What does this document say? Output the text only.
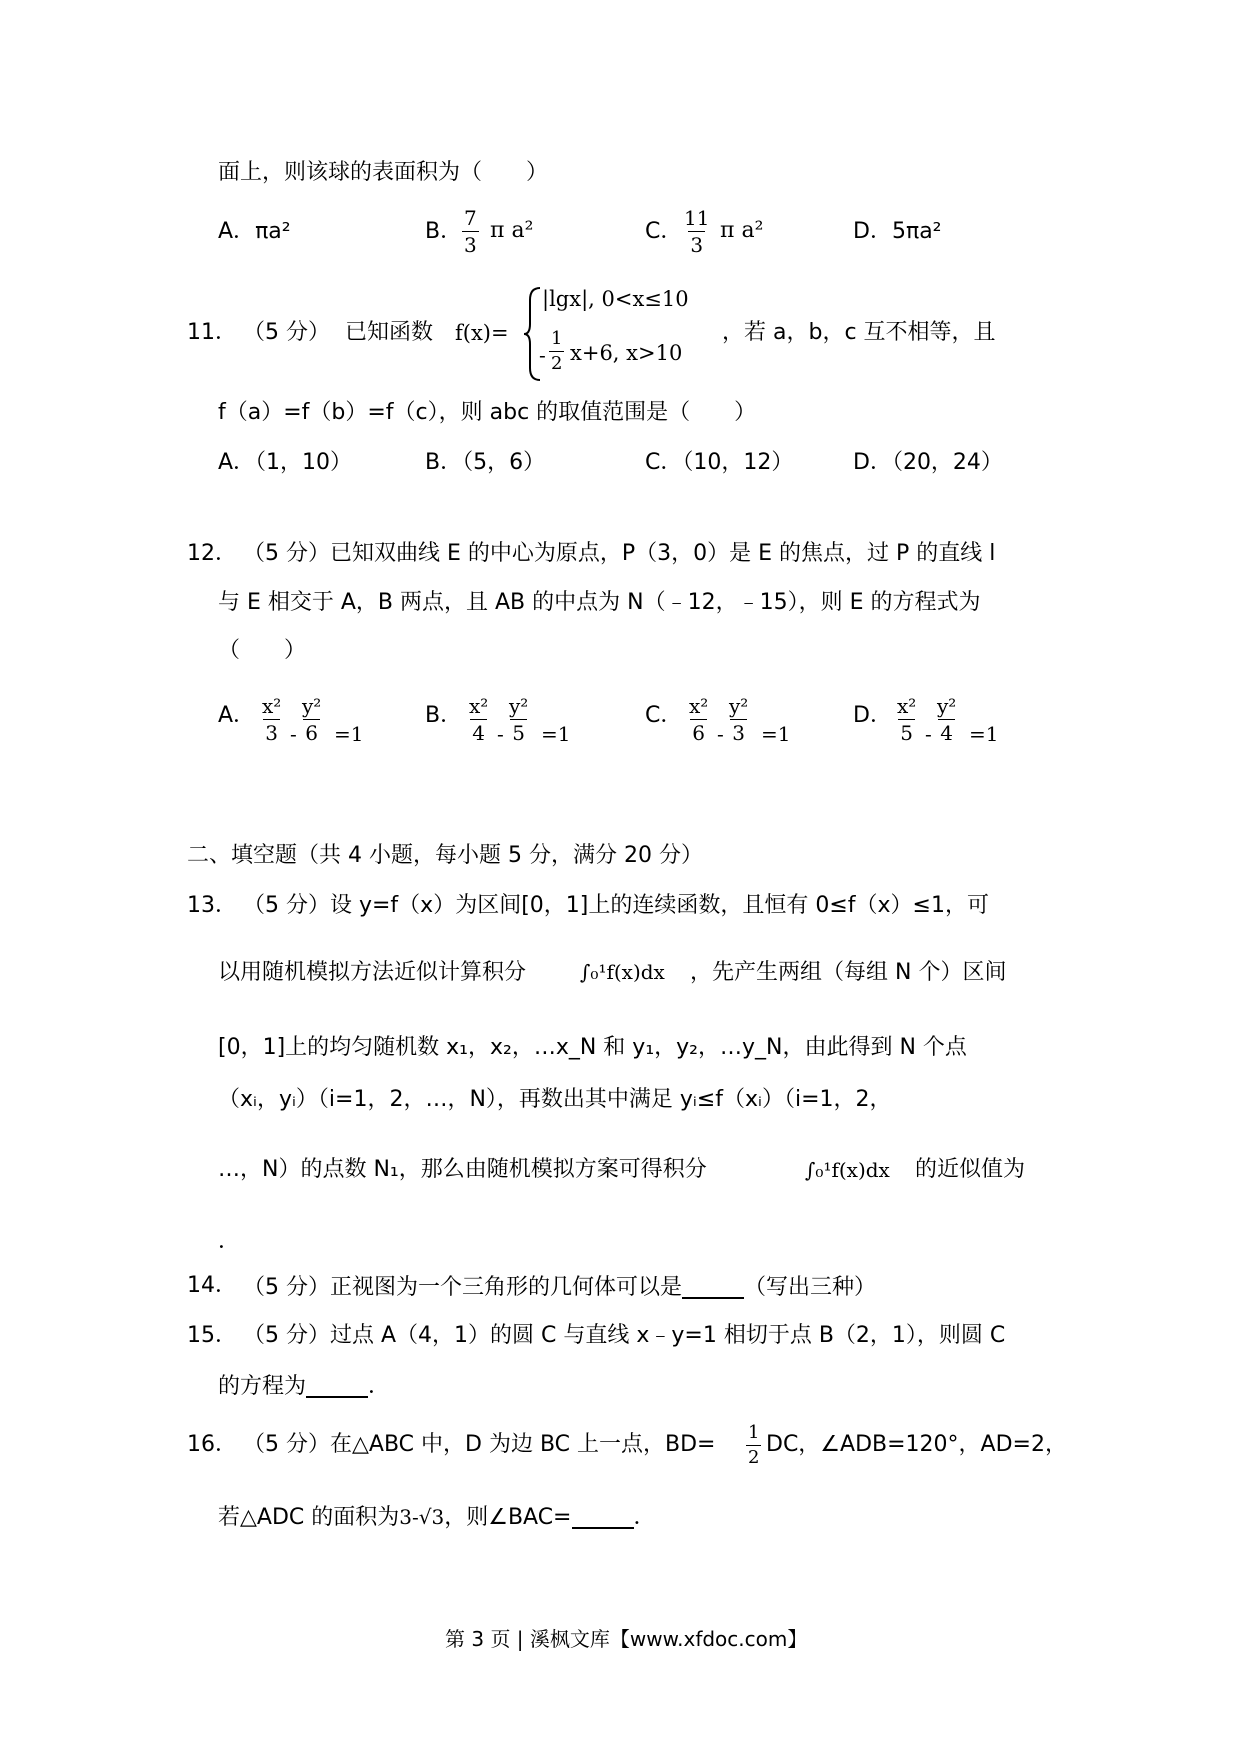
面上，则该球的表面积为（　　）
A．πa²	B． $\frac{7}{3}$ π a²	C． $\frac{11}{3}$ π a²	D．5πa²
11． （5 分） 已知函数 f(x)=
|lgx|, 0<x≤10
- $\frac{1}{2} x+6$, x>10
，若 a，b，c 互不相等，且
f（a）=f（b）=f（c），则 abc 的取值范围是（　　）
A．（1，10）	B．（5，6）	C．（10，12）	D．（20，24）
12． （5 分）已知双曲线 E 的中心为原点，P（3，0）是 E 的焦点，过 P 的直线 l
与 E 相交于 A，B 两点，且 AB 的中点为 N（﹣12，﹣15），则 E 的方程式为
（　　）
A． $\frac{\text{x²}}{3} - \frac{\text{y²}}{6} =1$
B． $\frac{\text{x²}}{4} - \frac{\text{y²}}{5} =1$
C． $\frac{\text{x²}}{6} - \frac{\text{y²}}{3} =1$
D． $\frac{\text{x²}}{5} - \frac{\text{y²}}{4} =1$
二、填空题（共 4 小题，每小题 5 分，满分 20 分）
13． （5 分）设 y=f（x）为区间[0，1]上的连续函数，且恒有 0≤f（x）≤1，可
以用随机模拟方法近似计算积分	∫₀¹f(x)dx ，先产生两组（每组 N 个）区间
[0，1]上的均匀随机数 x₁，x₂，…x_N 和 y₁，y₂，…y_N，由此得到 N 个点
（xᵢ，yᵢ）（i=1，2，…，N），再数出其中满足 yᵢ≤f（xᵢ）（i=1，2，
…，N）的点数 N₁，那么由随机模拟方案可得积分	∫₀¹f(x)dx 的近似值为
．
14． （5 分）正视图为一个三角形的几何体可以是	（写出三种）
15． （5 分）过点 A（4，1）的圆 C 与直线 x﹣y=1 相切于点 B（2，1），则圆 C
的方程为	．
16． （5 分）在△ABC 中，D 为边 BC 上一点，$BD= \frac{1}{2}$ DC，∠ADB=120°，AD=2，
若△ADC 的面积为3-√3，则∠BAC=	．
第 3 页 | 溪枫文库【www.xfdoc.com】
